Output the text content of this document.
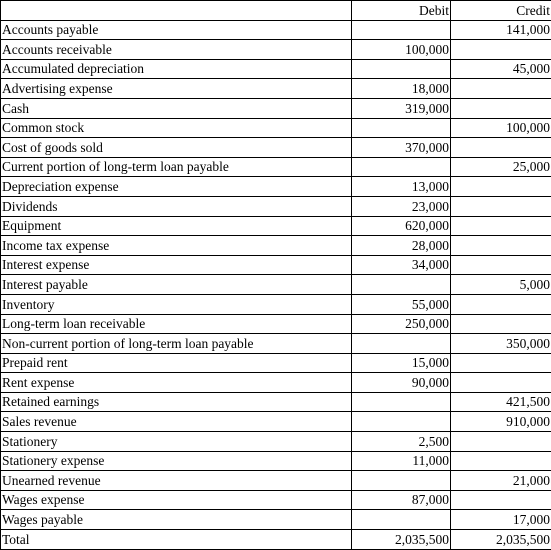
	Debit	Credit
Accounts payable		141,000
Accounts receivable	100,000	
Accumulated depreciation		45,000
Advertising expense	18,000	
Cash	319,000	
Common stock		100,000
Cost of goods sold	370,000	
Current portion of long-term loan payable		25,000
Depreciation expense	13,000	
Dividends	23,000	
Equipment	620,000	
Income tax expense	28,000	
Interest expense	34,000	
Interest payable		5,000
Inventory	55,000	
Long-term loan receivable	250,000	
Non-current portion of long-term loan payable		350,000
Prepaid rent	15,000	
Rent expense	90,000	
Retained earnings		421,500
Sales revenue		910,000
Stationery	2,500	
Stationery expense	11,000	
Unearned revenue		21,000
Wages expense	87,000	
Wages payable		17,000
Total	2,035,500	2,035,500
